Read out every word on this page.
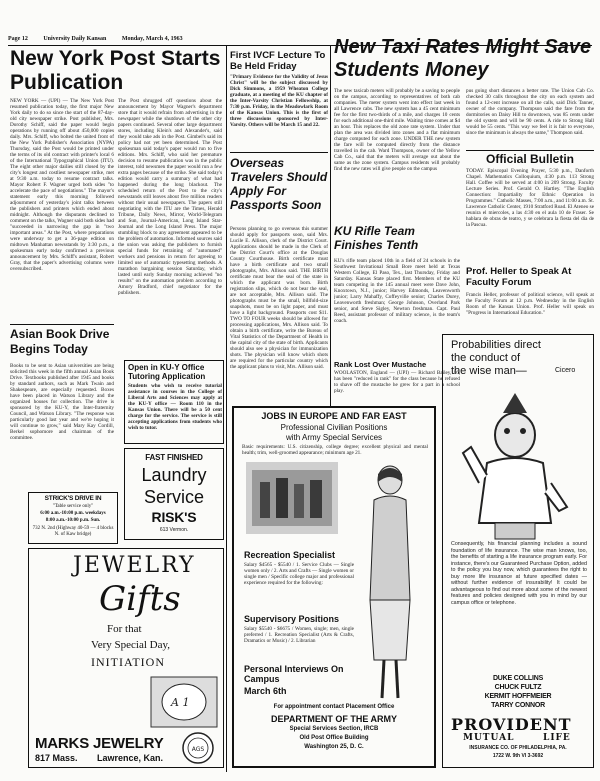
Page 12	University Daily Kansan	Monday, March 4, 1963
New York Post Starts Publication
NEW YORK — (UPI) — The New York Post resumed publication today, the first major New York daily to do so since the start of the 87-day-old city newspaper strike. Post publisher, Mrs. Dorothy Schiff, said the paper would begin operations by running off about 450,000 copies daily. Mrs. Schiff, who bolted the united front of the New York Publisher's Association (NYPA) Thursday, said the Post would be printed under the terms of its old contract with printer's local 6 of the International Typographical Union (ITU). The eight other major dailies still closed by the city's longest and costliest newspaper strike, met at 9:30 a.m. today to resume contract talks. Mayor Robert F. Wagner urged both sides "to accelerate the pace of negotiations." The mayor's statement early this morning followed adjournment of yesterday's joint talks between the publishers and printers which ended about midnight. Although the disputants declined to comment on the talks, Wagner said both sides had "succeeded in narrowing the gap in "two important areas." At the Post, where preparations were underway to get a 36-page edition on midtown Manhattan newsstands by 3:30 p.m., a spokesman early today confirmed a previous announcement by Mrs. Schiff's assistant, Robert Gray, that the paper's advertising columns were oversubscribed.
The Post shrugged off questions about the announcement by Mayor Wagner's department store that it would refrain from advertising in the newspaper while the shutdown of the other city papers continued. Several other large department stores, including Klein's and Alexander's, said they would take ads in the Post. Gimbel's said its policy had not yet been determined. The Post spokesman said today's paper would run to five editions. Mrs. Schiff, who said her premature decision to resume publication was in the public interest, told newsmen the paper would run a few extra pages because of the strike. She said today's edition would carry a summary of what had happened during the long blackout. The scheduled return of the Post to the city's newsstands still leaves about five million readers without their usual newspapers. The papers still negotiating with the ITU are the Times, Herald Tribune, Daily News, Mirror, World-Telegram and Sun, Journal-American, Long Island Star-Journal and the Long Island Press. The major stumbling block to any agreement appeared to be the problem of automation. Informed sources said the union was asking the publishers to furnish special funds for retraining of "automated" workers and pensions in return for agreeing to limited use of automatic typesetting methods. A marathon bargaining session Saturday, which lasted until early Sunday morning achieved "no results" on the automation problem according to Amory Bradford, chief negotiator for the publishers.
Asian Book Drive Begins Today
Books to be sent to Asian universities are being solicited this week in the fifth annual Asian Book Drive. Textbooks published after 1945 and books by standard authors, such as Mark Twain and Shakespeare, are especially requested. Boxes have been placed in Watson Library and the organized houses for collection. The drive is sponsored by the KU-Y, the Inter-fraternity Council, and Watson Library. "The response was particularly good last year and we're hoping it will continue to grow," said Mary Kay Cordill, Berkel sophomore and chairman of the committee.
STRICK'S DRIVE IN
"Table service only"
6:00 a.m.-10:00 p.m. weekdays
8:00 a.m.-10:00 p.m. Sun.
732 N. 2nd (Highway 40-59 — 4 blocks N. of Kaw bridge)
Open in KU-Y Office Tutoring Application
Students who wish to receive tutorial assistance in courses in the College of Liberal Arts and Sciences may apply at the KU-Y office — Room 110 in the Kansas Union. There will be a 50 cent charge for the service. The service is still accepting applications from students who wish to tutor.
FAST FINISHED
Laundry
Service
RISK'S
613 Vermon.
JEWELRY
Gifts
For that
Very Special Day,
INITIATION
A 1
MARKS JEWELRY
817 Mass. Lawrence, Kan.
AGS
First IVCF Lecture To Be Held Friday
"Primary Evidence for the Validity of Jesus Christ" will be the subject discussed by Dick Simmons, a 1959 Wheaton College graduate, at a meeting of the KU chapter of the Inter-Varsity Christian Fellowship, at 7:30 p.m. Friday, in the Meadowlark Room of the Kansas Union. This is the first of three discussions sponsored by Inter-Varsity. Others will be March 15 and 22.
Overseas Travelers Should Apply For Passports Soon
Persons planning to go overseas this summer should apply for passports soon, said Mrs. Lucile E. Allison, clerk of the District Court. Applications should be made in the Clerk of the District Court's office at the Douglas County Courthouse. Birth certificate must have a birth certificate and two small photographs, Mrs. Allison said. THE BIRTH certificate must bear the seal of the state in which the applicant was born. Birth registration slips, which do not bear the seal, are not acceptable, Mrs. Allison said. The photographs must be the small, billfold-size snapshots, must be on light paper, and must have a light background. Passports cost $11. TWO TO FOUR weeks should be allowed for processing applications, Mrs. Allison said. To obtain a birth certificate, write the Bureau of Vital Statistics of the Department of Health in the capital city of the state of birth. Applicants should also see a physician for immunization shots. The physician will know which shots are required for the particular country which the applicant plans to visit, Mrs. Allison said.
New Taxi Rates Might Save Students Money
The new taxicab meters will probably be a saving to people on the campus, according to representatives of both cab companies. The meter system went into effect last week in all Lawrence cabs. The new system has a 45 cent minimum fee for the first two-thirds of a mile, and charges 10 cents for each additional one-third mile. Waiting time comes at $4 an hour. This replaces the old zone rate system. Under that plan the area was divided into zones and a flat minimum charge computed for each zone. UNDER THE new system the fare will be computed directly from the distance travelled in the cab. Ward Thompson, owner of the Yellow Cab Co., said that the meters will average out about the same as the zone system. Campus residents will probably find the new rates will give people on the campus
pus going short distances a better rate. The Union Cab Co. checked 30 calls throughout the city on each system and found a 12-cent increase on all the calls, said Dick Tanner, owner of the company. Thompson said the fare from the dormitories on Daisy Hill to downtown, was 85 cents under the old system and will be 90 cents. A ride to Strong Hall would be 55 cents. "This way we feel it is fair to everyone, since the minimum is always the same," Thompson said.
KU Rifle Team Finishes Tenth
KU's rifle team placed 10th in a field of 24 schools in the Southwest Invitational Small Bore meet held at Texas Western College, El Paso, Tex., last Thursday, Friday and Saturday. Kansas State placed first. Members of the KU team competing in the 145 annual meet were Dave John, Knoxtown, N.J., junior; Harvey Edmonds, Leavenworth junior; Larry Mahaffy, Coffeyville senior; Charles Durey, Leavenworth freshman; George Johnson, Overland Park senior, and Steve Sigley, Newton freshman. Capt. Paul Reed, assistant professor of military science, is the team's coach.
Rank Lost Over Mustache
WOOLASTON, England — (UPI) — Richard Bailey, 16, has been "reduced in rank" for the class because he refused to shave off the mustache he grew for a part in a school play.
Official Bulletin
TODAY. Episcopal Evening Prayer, 5:30 p.m., Danforth Chapel. Mathematics Colloquium, 4:30 p.m. 113 Strong Hall. Coffee will be served at 4:00 in 209 Strong. Faculty Lecture Series. Prof. Gerald O. Hartley. "The English Connection: Impartiality for Ethnic Operation in Programmes." Catholic Masses, 7:00 a.m., and 11:00 a.m. St. Lawrence Catholic Center, 1910 Stratford Road. El Ateneo se reunira el miercoles, a las 4:30 en el aula 10 de Fraser. Se hablara de obras de teatro, y se celebrara la fiesta del dia de la Pascua.
Prof. Heller to Speak At Faculty Forum
Francis Heller, professor of political science, will speak at the Faculty Forum at 12 p.m. Wednesday in the English Room of the Kansas Union. Prof. Heller will speak on "Progress in International Education."
JOBS IN EUROPE AND FAR EAST
Professional Civilian Positions
with Army Special Services
Basic requirements: U.S. citizenship, college degree; excellent physical and mental health; trim, well-groomed appearance; minimum age 21.
Recreation Specialist
Salary $4565 - $5540 / 1. Service Clubs — Single women only / 2. Arts and Crafts — Single women or single men / Specific college major and professional experience required for the following:
Supervisory Positions
Salary $5540 - $6675 / Women, single; men, single preferred / 1. Recreation Specialist (Arts & Crafts, Dramatics or Music) / 2. Librarian
Personal Interviews On Campus
March 6th
For appointment contact Placement Office
DEPARTMENT OF THE ARMY
Special Services Section, IRCB
Old Post Office Building
Washington 25, D. C.
Probabilities direct
the conduct of
the wise man—	Cicero
Consequently, his financial planning includes a sound foundation of life insurance. The wise man knows, too, the benefits of starting a life insurance program early. For instance, there's our Guaranteed Purchase Option, added to the policy you buy now, which guarantees the right to buy more life insurance at future specified dates — without further evidence of insurability! It could be advantageous to find out more about some of the newest features and policies designed with you in mind by our campus office or telephone.
DUKE COLLINS
CHUCK FULTZ
KERMIT HOFFMEIER
TARRY CONNOR
PROVIDENT
MUTUAL	LIFE
INSURANCE CO. OF PHILADELPHIA, PA.
1722 W. 9th VI 3-3692
